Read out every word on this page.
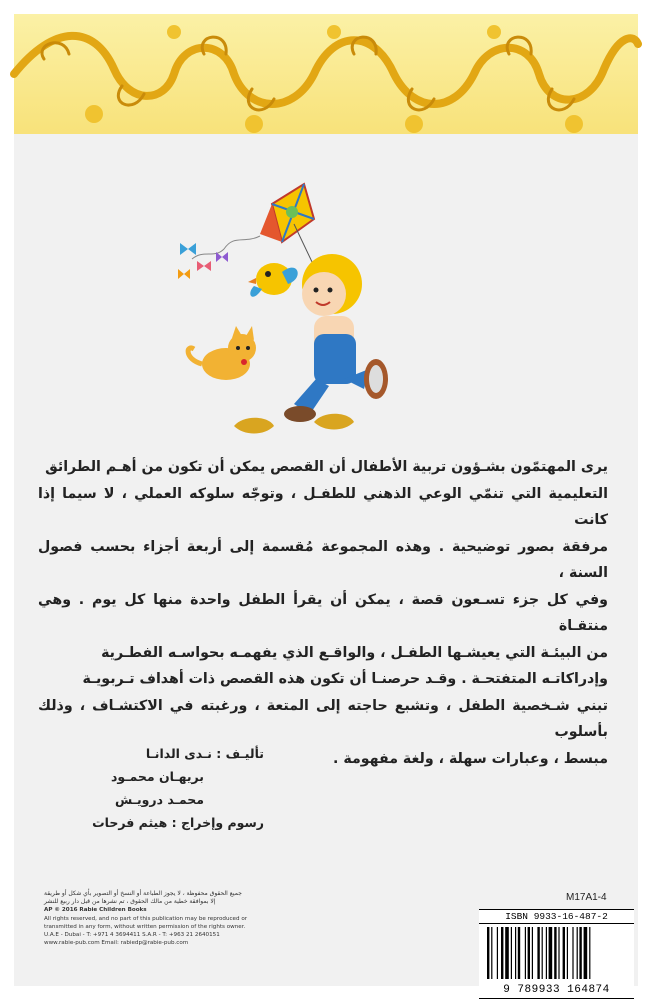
يرى المهتمّون بشـؤون تربية الأطفال أن القصص يمكن أن تكون من أهـم الطرائق
التعليمية التي تنمّي الوعي الذهني للطفـل ، وتوجّه سلوكه العملي ، لا سيما إذا كانت
مرفقة بصور توضيحية . وهذه المجموعة مُقسمة إلى أربعة أجزاء بحسب فصول السنة ،
وفي كل جزء تسـعون قصة ، يمكن أن يقرأ الطفل واحدة منها كل يوم . وهي منتقـاة
من البيئـة التي يعيشـها الطفـل ، والواقـع الذي يفهمـه بحواسـه الفطـرية
وإدراكاتـه المتفتحـة . وقـد حرصنـا أن تكون هذه القصص ذات أهداف تـربويـة
تبني شـخصية الطفل ، وتشبع حاجته إلى المتعة ، ورغبته في الاكتشـاف ، وذلك بأسلوب
مبسط ، وعبارات سهلة ، ولغة مفهومة .
تأليـف : نـدى الدانـا
بريهـان محمـود
محمـد درويـش
رسوم وإخراج : هيثم فرحات
جميع الحقوق محفوظة ، لا يجوز الطباعة أو النسخ أو التصوير بأي شكل أو طريقة
إلا بموافقة خطية من مالك الحقوق ، تم نشرها من قبل دار ربيع للنشر
AP © 2016 Rabie Children Books
All rights reserved, and no part of this publication may be reproduced or
transmitted in any form, without written permission of the rights owner.
U.A.E - Dubai - T: +971 4 3694411 S.A.R - T: +963 21 2640151
www.rabie-pub.com Email: rabiedp@rabie-pub.com
M17A1-4
ISBN 9933-16-487-2
9 789933 164874
